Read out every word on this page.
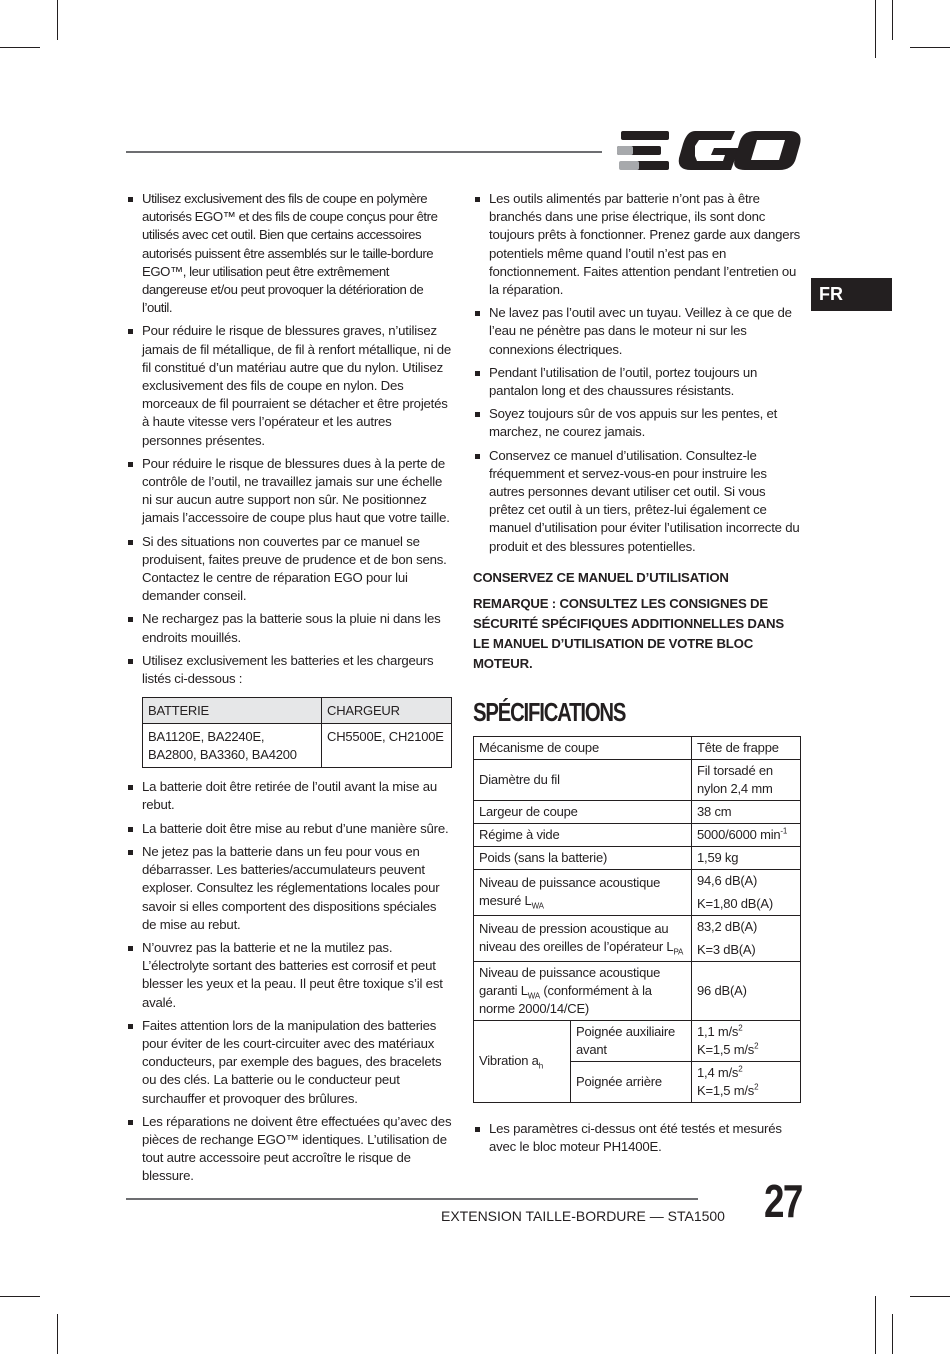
FR
Utilisez exclusivement des fils de coupe en polymère autorisés EGO™ et des fils de coupe conçus pour être utilisés avec cet outil. Bien que certains accessoires autorisés puissent être assemblés sur le taille-bordure EGO™, leur utilisation peut être extrêmement dangereuse et/ou peut provoquer la détérioration de l’outil.
Pour réduire le risque de blessures graves, n’utilisez jamais de fil métallique, de fil à renfort métallique, ni de fil constitué d’un matériau autre que du nylon. Utilisez exclusivement des fils de coupe en nylon. Des morceaux de fil pourraient se détacher et être projetés à haute vitesse vers l’opérateur et les autres personnes présentes.
Pour réduire le risque de blessures dues à la perte de contrôle de l’outil, ne travaillez jamais sur une échelle ni sur aucun autre support non sûr. Ne positionnez jamais l’accessoire de coupe plus haut que votre taille.
Si des situations non couvertes par ce manuel se produisent, faites preuve de prudence et de bon sens. Contactez le centre de réparation EGO pour lui demander conseil.
Ne rechargez pas la batterie sous la pluie ni dans les endroits mouillés.
Utilisez exclusivement les batteries et les chargeurs listés ci-dessous :
BATTERIE	CHARGEUR
BA1120E, BA2240E, BA2800, BA3360, BA4200	CH5500E, CH2100E
La batterie doit être retirée de l’outil avant la mise au rebut.
La batterie doit être mise au rebut d’une manière sûre.
Ne jetez pas la batterie dans un feu pour vous en débarrasser. Les batteries/accumulateurs peuvent exploser. Consultez les réglementations locales pour savoir si elles comportent des dispositions spéciales de mise au rebut.
N’ouvrez pas la batterie et ne la mutilez pas. L’électrolyte sortant des batteries est corrosif et peut blesser les yeux et la peau. Il peut être toxique s’il est avalé.
Faites attention lors de la manipulation des batteries pour éviter de les court-circuiter avec des matériaux conducteurs, par exemple des bagues, des bracelets ou des clés. La batterie ou le conducteur peut surchauffer et provoquer des brûlures.
Les réparations ne doivent être effectuées qu’avec des pièces de rechange EGO™ identiques. L’utilisation de tout autre accessoire peut accroître le risque de blessure.
Les outils alimentés par batterie n’ont pas à être branchés dans une prise électrique, ils sont donc toujours prêts à fonctionner. Prenez garde aux dangers potentiels même quand l’outil n’est pas en fonctionnement. Faites attention pendant l’entretien ou la réparation.
Ne lavez pas l’outil avec un tuyau. Veillez à ce que de l’eau ne pénètre pas dans le moteur ni sur les connexions électriques.
Pendant l’utilisation de l’outil, portez toujours un pantalon long et des chaussures résistants.
Soyez toujours sûr de vos appuis sur les pentes, et marchez, ne courez jamais.
Conservez ce manuel d’utilisation. Consultez-le fréquemment et servez-vous-en pour instruire les autres personnes devant utiliser cet outil. Si vous prêtez cet outil à un tiers, prêtez-lui également ce manuel d’utilisation pour éviter l’utilisation incorrecte du produit et des blessures potentielles.

CONSERVEZ CE MANUEL D’UTILISATION

REMARQUE : CONSULTEZ LES CONSIGNES DE SÉCURITÉ SPÉCIFIQUES ADDITIONNELLES DANS LE MANUEL D’UTILISATION DE VOTRE BLOC MOTEUR.

SPÉCIFICATIONS
Mécanisme de coupe		Tête de frappe
Diamètre du fil		Fil torsadé en nylon 2,4 mm
Largeur de coupe		38 cm
Régime à vide		5000/6000 $\min^{-1}$
Poids (sans la batterie)		1,59 kg
Niveau de puissance acoustique mesuré $L_{WA}$		94,6 dB(A)
K=1,80 dB(A)

Niveau de pression acoustique au niveau des oreilles de l’opérateur $L_{PA}$		83,2 dB(A)
K=3 dB(A)

Niveau de puissance acoustique garanti $L_{WA}$ (conformément à la norme 2000/14/CE)		96 dB(A)
Vibration $a_h$	Poignée auxiliaire avant	1,1 $m/s^2$
K=1,5 $m/s^2$

	Poignée arrière	1,4 $m/s^2$
K=1,5 $m/s^2$
Les paramètres ci-dessus ont été testés et mesurés avec le bloc moteur PH1400E.
EXTENSION TAILLE-BORDURE — STA1500 27
